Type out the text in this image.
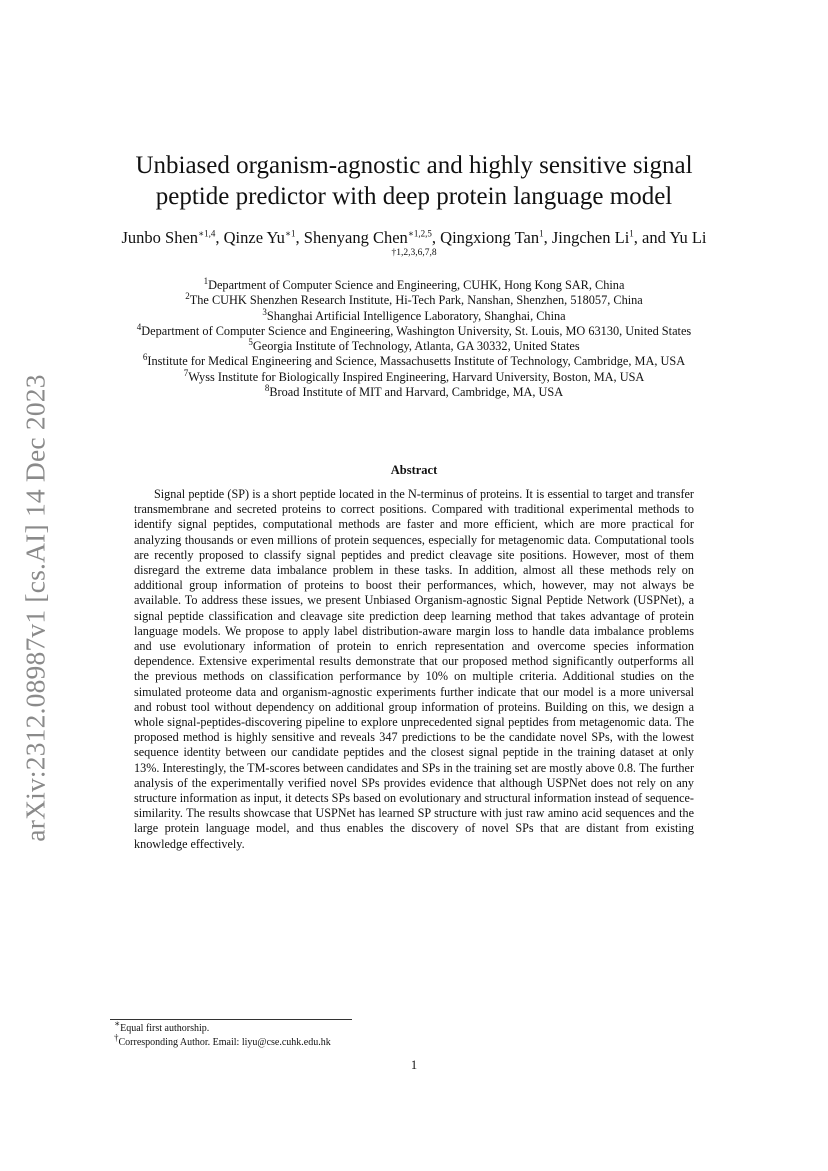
arXiv:2312.08987v1 [cs.AI] 14 Dec 2023
Unbiased organism-agnostic and highly sensitive signal peptide predictor with deep protein language model
Junbo Shen$^{∗1,4}$, Qinze $Yu^{∗1}$, Shenyang Chen$^{∗1,2,5}$, Qingxiong Tan$^1$, Jingchen Li$^1$, and Yu Li
†1,2,3,6,7,8
$^1$Department of Computer Science and Engineering, CUHK, Hong Kong SAR, China
$^2$The CUHK Shenzhen Research Institute, Hi-Tech Park, Nanshan, Shenzhen, 518057, China
$^3$Shanghai Artificial Intelligence Laboratory, Shanghai, China
$^4$Department of Computer Science and Engineering, Washington University, St. Louis, MO 63130, United States
$^5$Georgia Institute of Technology, Atlanta, GA 30332, United States
$^6$Institute for Medical Engineering and Science, Massachusetts Institute of Technology, Cambridge, MA, USA
$^7$Wyss Institute for Biologically Inspired Engineering, Harvard University, Boston, MA, USA
$^8$Broad Institute of MIT and Harvard, Cambridge, MA, USA
Abstract

Signal peptide (SP) is a short peptide located in the N-terminus of proteins. It is essential to target and transfer transmembrane and secreted proteins to correct positions. Compared with traditional experimental methods to identify signal peptides, computational methods are faster and more efficient, which are more practical for analyzing thousands or even millions of protein sequences, especially for metagenomic data. Computational tools are recently proposed to classify signal peptides and predict cleavage site positions. However, most of them disregard the extreme data imbalance problem in these tasks. In addition, almost all these methods rely on additional group information of proteins to boost their performances, which, however, may not always be available. To address these issues, we present Unbiased Organism-agnostic Signal Peptide Network (USPNet), a signal peptide classification and cleavage site prediction deep learning method that takes advantage of protein language models. We propose to apply label distribution-aware margin loss to handle data imbalance problems and use evolutionary information of protein to enrich representation and overcome species information dependence. Extensive experimental results demonstrate that our proposed method significantly outperforms all the previous methods on classification performance by 10% on multiple criteria. Additional studies on the simulated proteome data and organism-agnostic experiments further indicate that our model is a more universal and robust tool without dependency on additional group information of proteins. Building on this, we design a whole signal-peptides-discovering pipeline to explore unprecedented signal peptides from metagenomic data. The proposed method is highly sensitive and reveals 347 predictions to be the candidate novel SPs, with the lowest sequence identity between our candidate peptides and the closest signal peptide in the training dataset at only 13%. Interestingly, the TM-scores between candidates and SPs in the training set are mostly above 0.8. The further analysis of the experimentally verified novel SPs provides evidence that although USPNet does not rely on any structure information as input, it detects SPs based on evolutionary and structural information instead of sequence-similarity. The results showcase that USPNet has learned SP structure with just raw amino acid sequences and the large protein language model, and thus enables the discovery of novel SPs that are distant from existing knowledge effectively.

∗Equal first authorship.
†Corresponding Author. Email: liyu@cse.cuhk.edu.hk
1
